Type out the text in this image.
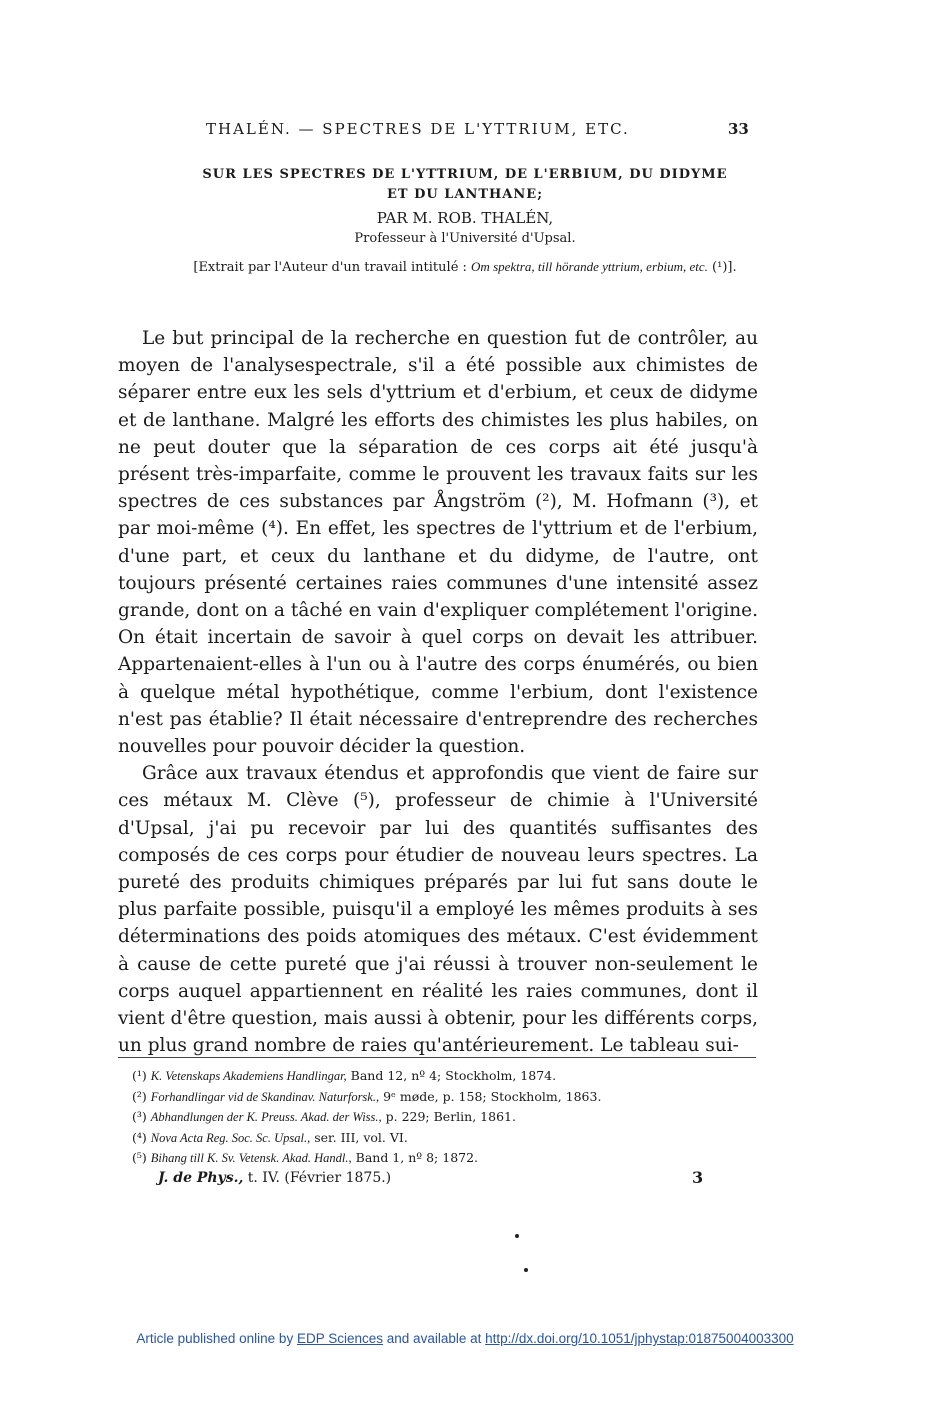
THALÉN. — SPECTRES DE L'YTTRIUM, ETC.	33
SUR LES SPECTRES DE L'YTTRIUM, DE L'ERBIUM, DU DIDYME
ET DU LANTHANE;
PAR M. ROB. THALÉN,
Professeur à l'Université d'Upsal.
[Extrait par l'Auteur d'un travail intitulé : Om spektra, till hörande yttrium, erbium, etc. (¹)].

Le but principal de la recherche en question fut de contrôler, au moyen de l'analysespectrale, s'il a été possible aux chimistes de séparer entre eux les sels d'yttrium et d'erbium, et ceux de didyme et de lanthane. Malgré les efforts des chimistes les plus habiles, on ne peut douter que la séparation de ces corps ait été jusqu'à présent très-imparfaite, comme le prouvent les travaux faits sur les spectres de ces substances par Ångström (²), M. Hofmann (³), et par moi-même (⁴). En effet, les spectres de l'yttrium et de l'erbium, d'une part, et ceux du lanthane et du didyme, de l'autre, ont toujours présenté certaines raies communes d'une intensité assez grande, dont on a tâché en vain d'expliquer complétement l'origine. On était incertain de savoir à quel corps on devait les attribuer. Appartenaient-elles à l'un ou à l'autre des corps énumérés, ou bien à quelque métal hypothétique, comme l'erbium, dont l'existence n'est pas établie? Il était nécessaire d'entreprendre des recherches nouvelles pour pouvoir décider la question.

Grâce aux travaux étendus et approfondis que vient de faire sur ces métaux M. Clève (⁵), professeur de chimie à l'Université d'Upsal, j'ai pu recevoir par lui des quantités suffisantes des composés de ces corps pour étudier de nouveau leurs spectres. La pureté des produits chimiques préparés par lui fut sans doute le plus parfaite possible, puisqu'il a employé les mêmes produits à ses déterminations des poids atomiques des métaux. C'est évidemment à cause de cette pureté que j'ai réussi à trouver non-seulement le corps auquel appartiennent en réalité les raies communes, dont il vient d'être question, mais aussi à obtenir, pour les différents corps, un plus grand nombre de raies qu'antérieurement. Le tableau sui-

(¹) K. Vetenskaps Akademiens Handlingar, Band 12, nº 4; Stockholm, 1874.
(²) Forhandlingar vid de Skandinav. Naturforsk., 9ᵉ møde, p. 158; Stockholm, 1863.
(³) Abhandlungen der K. Preuss. Akad. der Wiss., p. 229; Berlin, 1861.
(⁴) Nova Acta Reg. Soc. Sc. Upsal., ser. III, vol. VI.
(⁵) Bihang till K. Sv. Vetensk. Akad. Handl., Band 1, nº 8; 1872.
J. de Phys., t. IV. (Février 1875.)	3
Article published online by EDP Sciences and available at http://dx.doi.org/10.1051/jphystap:01875004003300
